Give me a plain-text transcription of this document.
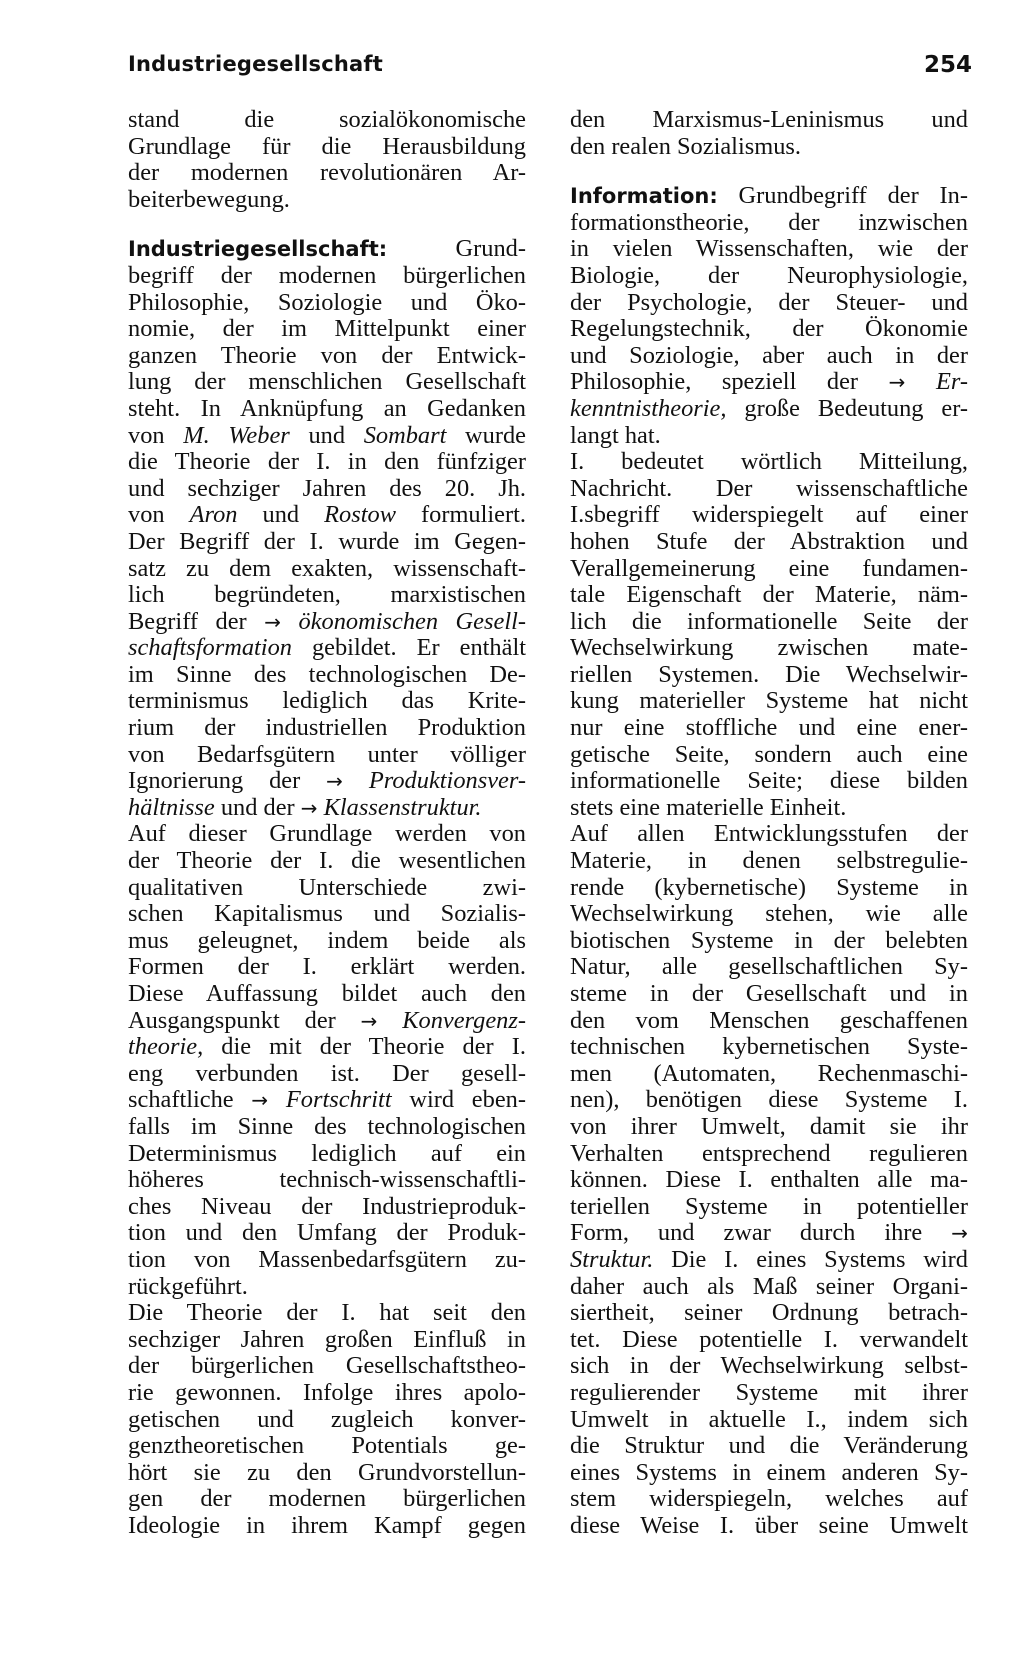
Industriegesellschaft	254
stand die sozialökonomische
Grundlage für die Herausbildung
der modernen revolutionären Ar-
beiterbewegung.
Industriegesellschaft: Grund-
begriff der modernen bürgerlichen
Philosophie, Soziologie und Öko-
nomie, der im Mittelpunkt einer
ganzen Theorie von der Entwick-
lung der menschlichen Gesellschaft
steht. In Anknüpfung an Gedanken
von M. Weber und Sombart wurde
die Theorie der I. in den fünfziger
und sechziger Jahren des 20. Jh.
von Aron und Rostow formuliert.
Der Begriff der I. wurde im Gegen-
satz zu dem exakten, wissenschaft-
lich begründeten, marxistischen
Begriff der → ökonomischen Gesell-
schaftsformation gebildet. Er enthält
im Sinne des technologischen De-
terminismus lediglich das Krite-
rium der industriellen Produktion
von Bedarfsgütern unter völliger
Ignorierung der → Produktionsver-
hältnisse und der → Klassenstruktur.
Auf dieser Grundlage werden von
der Theorie der I. die wesentlichen
qualitativen Unterschiede zwi-
schen Kapitalismus und Sozialis-
mus geleugnet, indem beide als
Formen der I. erklärt werden.
Diese Auffassung bildet auch den
Ausgangspunkt der → Konvergenz-
theorie, die mit der Theorie der I.
eng verbunden ist. Der gesell-
schaftliche → Fortschritt wird eben-
falls im Sinne des technologischen
Determinismus lediglich auf ein
höheres technisch-wissenschaftli-
ches Niveau der Industrieproduk-
tion und den Umfang der Produk-
tion von Massenbedarfsgütern zu-
rückgeführt.
Die Theorie der I. hat seit den
sechziger Jahren großen Einfluß in
der bürgerlichen Gesellschaftstheo-
rie gewonnen. Infolge ihres apolo-
getischen und zugleich konver-
genztheoretischen Potentials ge-
hört sie zu den Grundvorstellun-
gen der modernen bürgerlichen
Ideologie in ihrem Kampf gegen
den Marxismus-Leninismus und
den realen Sozialismus.
Information: Grundbegriff der In-
formationstheorie, der inzwischen
in vielen Wissenschaften, wie der
Biologie, der Neurophysiologie,
der Psychologie, der Steuer- und
Regelungstechnik, der Ökonomie
und Soziologie, aber auch in der
Philosophie, speziell der → Er-
kenntnistheorie, große Bedeutung er-
langt hat.
I. bedeutet wörtlich Mitteilung,
Nachricht. Der wissenschaftliche
I.sbegriff widerspiegelt auf einer
hohen Stufe der Abstraktion und
Verallgemeinerung eine fundamen-
tale Eigenschaft der Materie, näm-
lich die informationelle Seite der
Wechselwirkung zwischen mate-
riellen Systemen. Die Wechselwir-
kung materieller Systeme hat nicht
nur eine stoffliche und eine ener-
getische Seite, sondern auch eine
informationelle Seite; diese bilden
stets eine materielle Einheit.
Auf allen Entwicklungsstufen der
Materie, in denen selbstregulie-
rende (kybernetische) Systeme in
Wechselwirkung stehen, wie alle
biotischen Systeme in der belebten
Natur, alle gesellschaftlichen Sy-
steme in der Gesellschaft und in
den vom Menschen geschaffenen
technischen kybernetischen Syste-
men (Automaten, Rechenmaschi-
nen), benötigen diese Systeme I.
von ihrer Umwelt, damit sie ihr
Verhalten entsprechend regulieren
können. Diese I. enthalten alle ma-
teriellen Systeme in potentieller
Form, und zwar durch ihre →
Struktur. Die I. eines Systems wird
daher auch als Maß seiner Organi-
siertheit, seiner Ordnung betrach-
tet. Diese potentielle I. verwandelt
sich in der Wechselwirkung selbst-
regulierender Systeme mit ihrer
Umwelt in aktuelle I., indem sich
die Struktur und die Veränderung
eines Systems in einem anderen Sy-
stem widerspiegeln, welches auf
diese Weise I. über seine Umwelt
